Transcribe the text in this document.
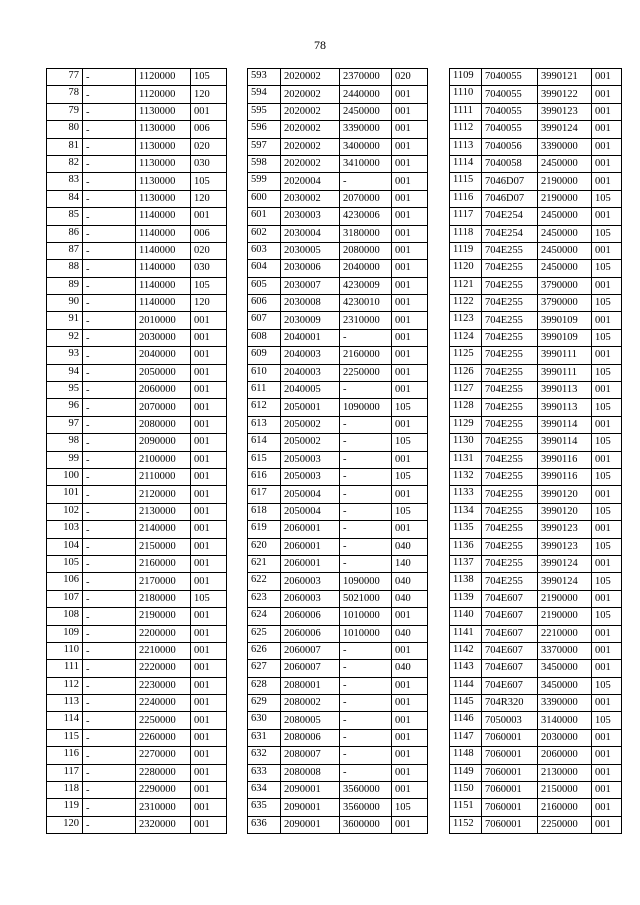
78
77	-	1120000	105
78	-	1120000	120
79	-	1130000	001
80	-	1130000	006
81	-	1130000	020
82	-	1130000	030
83	-	1130000	105
84	-	1130000	120
85	-	1140000	001
86	-	1140000	006
87	-	1140000	020
88	-	1140000	030
89	-	1140000	105
90	-	1140000	120
91	-	2010000	001
92	-	2030000	001
93	-	2040000	001
94	-	2050000	001
95	-	2060000	001
96	-	2070000	001
97	-	2080000	001
98	-	2090000	001
99	-	2100000	001
100	-	2110000	001
101	-	2120000	001
102	-	2130000	001
103	-	2140000	001
104	-	2150000	001
105	-	2160000	001
106	-	2170000	001
107	-	2180000	105
108	-	2190000	001
109	-	2200000	001
110	-	2210000	001
111	-	2220000	001
112	-	2230000	001
113	-	2240000	001
114	-	2250000	001
115	-	2260000	001
116	-	2270000	001
117	-	2280000	001
118	-	2290000	001
119	-	2310000	001
120	-	2320000	001
593	2020002	2370000	020
594	2020002	2440000	001
595	2020002	2450000	001
596	2020002	3390000	001
597	2020002	3400000	001
598	2020002	3410000	001
599	2020004	-	001
600	2030002	2070000	001
601	2030003	4230006	001
602	2030004	3180000	001
603	2030005	2080000	001
604	2030006	2040000	001
605	2030007	4230009	001
606	2030008	4230010	001
607	2030009	2310000	001
608	2040001	-	001
609	2040003	2160000	001
610	2040003	2250000	001
611	2040005	-	001
612	2050001	1090000	105
613	2050002	-	001
614	2050002	-	105
615	2050003	-	001
616	2050003	-	105
617	2050004	-	001
618	2050004	-	105
619	2060001	-	001
620	2060001	-	040
621	2060001	-	140
622	2060003	1090000	040
623	2060003	5021000	040
624	2060006	1010000	001
625	2060006	1010000	040
626	2060007	-	001
627	2060007	-	040
628	2080001	-	001
629	2080002	-	001
630	2080005	-	001
631	2080006	-	001
632	2080007	-	001
633	2080008	-	001
634	2090001	3560000	001
635	2090001	3560000	105
636	2090001	3600000	001
1109	7040055	3990121	001
1110	7040055	3990122	001
1111	7040055	3990123	001
1112	7040055	3990124	001
1113	7040056	3390000	001
1114	7040058	2450000	001
1115	7046D07	2190000	001
1116	7046D07	2190000	105
1117	704E254	2450000	001
1118	704E254	2450000	105
1119	704E255	2450000	001
1120	704E255	2450000	105
1121	704E255	3790000	001
1122	704E255	3790000	105
1123	704E255	3990109	001
1124	704E255	3990109	105
1125	704E255	3990111	001
1126	704E255	3990111	105
1127	704E255	3990113	001
1128	704E255	3990113	105
1129	704E255	3990114	001
1130	704E255	3990114	105
1131	704E255	3990116	001
1132	704E255	3990116	105
1133	704E255	3990120	001
1134	704E255	3990120	105
1135	704E255	3990123	001
1136	704E255	3990123	105
1137	704E255	3990124	001
1138	704E255	3990124	105
1139	704E607	2190000	001
1140	704E607	2190000	105
1141	704E607	2210000	001
1142	704E607	3370000	001
1143	704E607	3450000	001
1144	704E607	3450000	105
1145	704R320	3390000	001
1146	7050003	3140000	105
1147	7060001	2030000	001
1148	7060001	2060000	001
1149	7060001	2130000	001
1150	7060001	2150000	001
1151	7060001	2160000	001
1152	7060001	2250000	001
